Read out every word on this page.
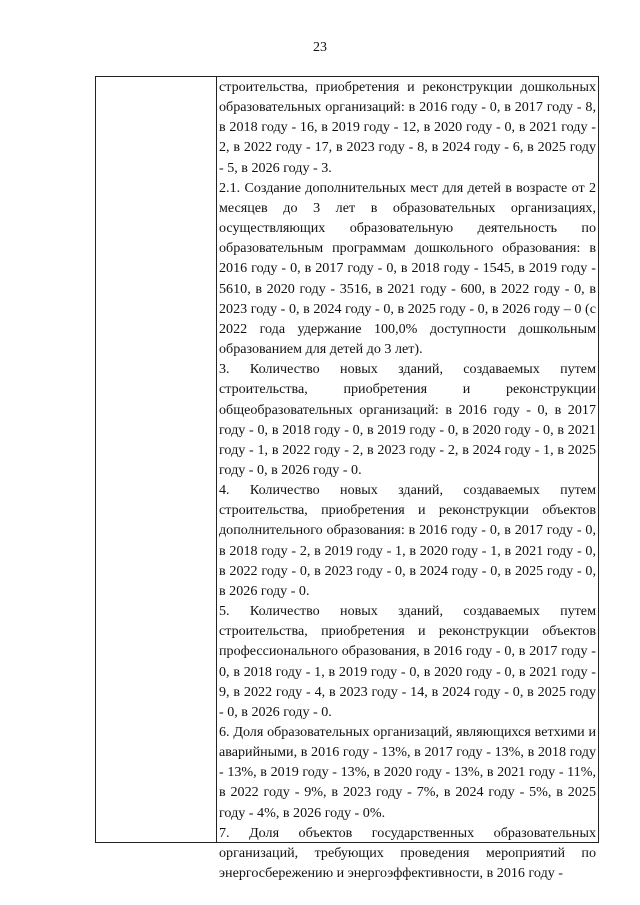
23

строительства, приобретения и реконструкции дошкольных образовательных организаций: в 2016 году - 0, в 2017 году - 8, в 2018 году - 16, в 2019 году - 12, в 2020 году - 0, в 2021 году - 2, в 2022 году - 17, в 2023 году - 8, в 2024 году - 6, в 2025 году - 5, в 2026 году - 3.

2.1. Создание дополнительных мест для детей в возрасте от 2 месяцев до 3 лет в образовательных организациях, осуществляющих образовательную деятельность по образовательным программам дошкольного образования: в 2016 году - 0, в 2017 году - 0, в 2018 году - 1545, в 2019 году - 5610, в 2020 году - 3516, в 2021 году - 600, в 2022 году - 0, в 2023 году - 0, в 2024 году - 0, в 2025 году - 0, в 2026 году – 0 (с 2022 года удержание 100,0% доступности дошкольным образованием для детей до 3 лет).

3. Количество новых зданий, создаваемых путем строительства, приобретения и реконструкции общеобразовательных организаций: в 2016 году - 0, в 2017 году - 0, в 2018 году - 0, в 2019 году - 0, в 2020 году - 0, в 2021 году - 1, в 2022 году - 2, в 2023 году - 2, в 2024 году - 1, в 2025 году - 0, в 2026 году - 0.

4. Количество новых зданий, создаваемых путем строительства, приобретения и реконструкции объектов дополнительного образования: в 2016 году - 0, в 2017 году - 0, в 2018 году - 2, в 2019 году - 1, в 2020 году - 1, в 2021 году - 0, в 2022 году - 0, в 2023 году - 0, в 2024 году - 0, в 2025 году - 0, в 2026 году - 0.

5. Количество новых зданий, создаваемых путем строительства, приобретения и реконструкции объектов профессионального образования, в 2016 году - 0, в 2017 году - 0, в 2018 году - 1, в 2019 году - 0, в 2020 году - 0, в 2021 году - 9, в 2022 году - 4, в 2023 году - 14, в 2024 году - 0, в 2025 году - 0, в 2026 году - 0.

6. Доля образовательных организаций, являющихся ветхими и аварийными, в 2016 году - 13%, в 2017 году - 13%, в 2018 году - 13%, в 2019 году - 13%, в 2020 году - 13%, в 2021 году - 11%, в 2022 году - 9%, в 2023 году - 7%, в 2024 году - 5%, в 2025 году - 4%, в 2026 году - 0%.

7. Доля объектов государственных образовательных организаций, требующих проведения мероприятий по энергосбережению и энергоэффективности, в 2016 году -
